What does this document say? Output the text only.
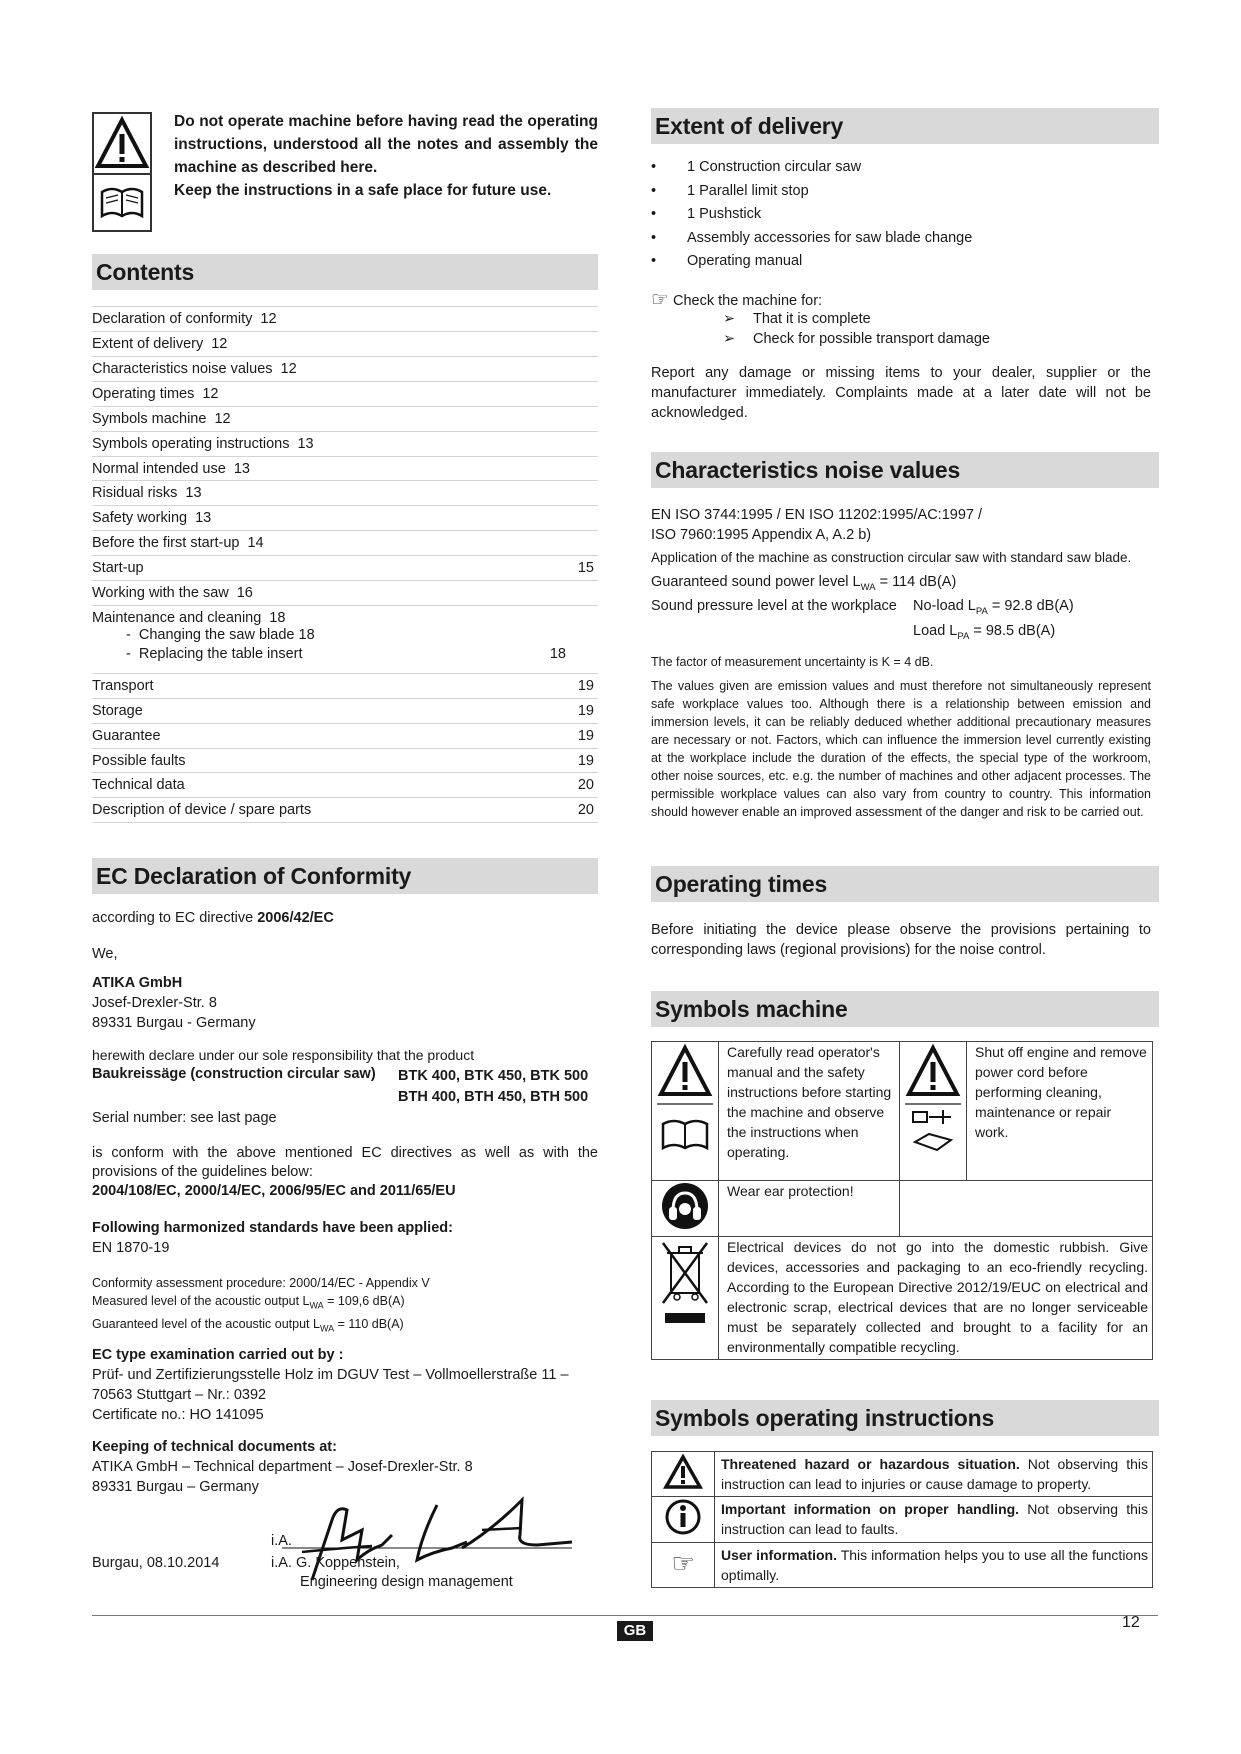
Do not operate machine before having read the operating instructions, understood all the notes and assembly the machine as described here.
Keep the instructions in a safe place for future use.
Contents
Declaration of conformity 12
Extent of delivery 12
Characteristics noise values 12
Operating times 12
Symbols machine 12
Symbols operating instructions 13
Normal intended use 13
Risidual risks 13
Safety working 13
Before the first start-up 14
Start-up	15
Working with the saw 16
Maintenance and cleaning 18
-  Changing the saw blade 18
-  Replacing the table insert	18
Transport	19
Storage	19
Guarantee	19
Possible faults	19
Technical data	20
Description of device / spare parts	20
EC Declaration of Conformity
according to EC directive 2006/42/EC
We,
ATIKA GmbH
Josef-Drexler-Str. 8
89331 Burgau - Germany
herewith declare under our sole responsibility that the product
Baukreissäge (construction circular saw) BTK 400, BTK 450, BTK 500
BTH 400, BTH 450, BTH 500
Serial number: see last page
is conform with the above mentioned EC directives as well as with the provisions of the guidelines below:
2004/108/EC, 2000/14/EC, 2006/95/EC and 2011/65/EU
Following harmonized standards have been applied:
EN 1870-19
Conformity assessment procedure: 2000/14/EC - Appendix V
Measured level of the acoustic output $L_{WA} = 109,6$ dB(A)
Guaranteed level of the acoustic output $L_{WA} = 110$ dB(A)
EC type examination carried out by :
Prüf- und Zertifizierungsstelle Holz im DGUV Test – Vollmoellerstraße 11 –
70563 Stuttgart – Nr.: 0392
Certificate no.: HO 141095
Keeping of technical documents at:
ATIKA GmbH – Technical department – Josef-Drexler-Str. 8
89331 Burgau – Germany
i.A.
Burgau, 08.10.2014	i.A. G. Koppenstein,
Engineering design management
Extent of delivery
• 1 Construction circular saw
• 1 Parallel limit stop
• 1 Pushstick
• Assembly accessories for saw blade change
• Operating manual
☞ Check the machine for:
➢ That it is complete
➢ Check for possible transport damage
Report any damage or missing items to your dealer, supplier or the manufacturer immediately. Complaints made at a later date will not be acknowledged.
Characteristics noise values
EN ISO 3744:1995 / EN ISO 11202:1995/AC:1997 /
ISO 7960:1995 Appendix A, A.2 b)
Application of the machine as construction circular saw with standard saw blade.
Guaranteed sound power level $L_{WA} = 114$ dB(A)
Sound pressure level at the workplace No-load $L_{PA} = 92.8$ dB(A)
Load $L_{PA} = 98.5$ dB(A)
The factor of measurement uncertainty is K = 4 dB.
The values given are emission values and must therefore not simultaneously represent safe workplace values too. Although there is a relationship between emission and immersion levels, it can be reliably deduced whether additional precautionary measures are necessary or not. Factors, which can influence the immersion level currently existing at the workplace include the duration of the effects, the special type of the workroom, other noise sources, etc. e.g. the number of machines and other adjacent processes. The permissible workplace values can also vary from country to country. This information should however enable an improved assessment of the danger and risk to be carried out.
Operating times
Before initiating the device please observe the provisions pertaining to corresponding laws (regional provisions) for the noise control.
Symbols machine
	Carefully read operator's manual and the safety instructions before starting the machine and observe the instructions when operating.		Shut off engine and remove power cord before performing cleaning, maintenance or repair work.
	Wear ear protection!		
	Electrical devices do not go into the domestic rubbish. Give devices, accessories and packaging to an eco-friendly recycling. According to the European Directive 2012/19/EUC on electrical and electronic scrap, electrical devices that are no longer serviceable must be separately collected and brought to a facility for an environmentally compatible recycling.		
Symbols operating instructions
	Threatened hazard or hazardous situation. Not observing this instruction can lead to injuries or cause damage to property.
	Important information on proper handling. Not observing this instruction can lead to faults.
☞	User information. This information helps you to use all the functions optimally.
GB	12
